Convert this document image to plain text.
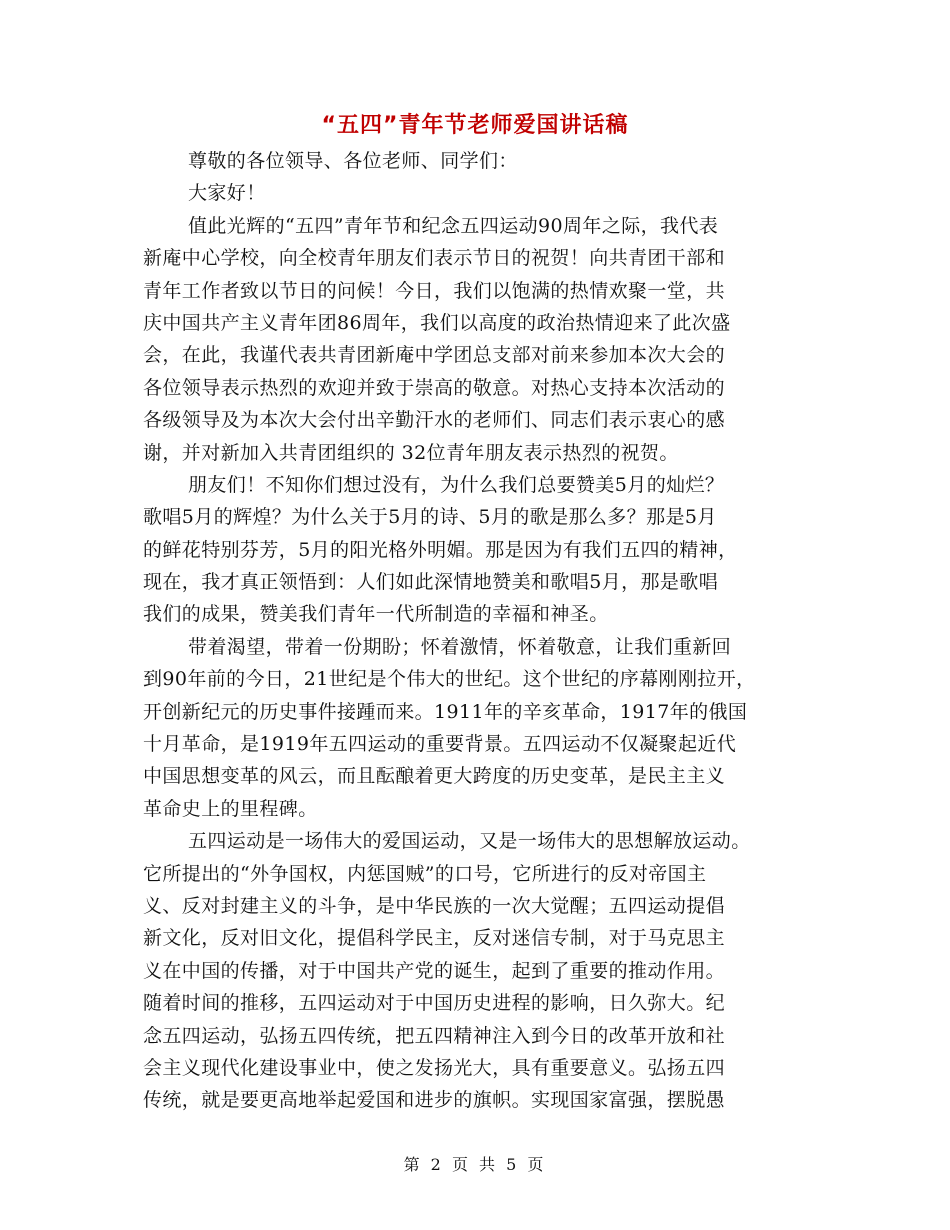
“五四”青年节老师爱国讲话稿
尊敬的各位领导、各位老师、同学们：
大家好！
值此光辉的“五四”青年节和纪念五四运动90周年之际，我代表
新庵中心学校，向全校青年朋友们表示节日的祝贺！向共青团干部和
青年工作者致以节日的问候！今日，我们以饱满的热情欢聚一堂，共
庆中国共产主义青年团86周年，我们以高度的政治热情迎来了此次盛
会，在此，我谨代表共青团新庵中学团总支部对前来参加本次大会的
各位领导表示热烈的欢迎并致于崇高的敬意。对热心支持本次活动的
各级领导及为本次大会付出辛勤汗水的老师们、同志们表示衷心的感
谢，并对新加入共青团组织的 32位青年朋友表示热烈的祝贺。
朋友们！不知你们想过没有，为什么我们总要赞美5月的灿烂？
歌唱5月的辉煌？为什么关于5月的诗、5月的歌是那么多？那是5月
的鲜花特别芬芳，5月的阳光格外明媚。那是因为有我们五四的精神，
现在，我才真正领悟到：人们如此深情地赞美和歌唱5月，那是歌唱
我们的成果，赞美我们青年一代所制造的幸福和神圣。
带着渴望，带着一份期盼；怀着激情，怀着敬意，让我们重新回
到90年前的今日，21世纪是个伟大的世纪。这个世纪的序幕刚刚拉开，
开创新纪元的历史事件接踵而来。1911年的辛亥革命，1917年的俄国
十月革命，是1919年五四运动的重要背景。五四运动不仅凝聚起近代
中国思想变革的风云，而且酝酿着更大跨度的历史变革，是民主主义
革命史上的里程碑。
五四运动是一场伟大的爱国运动，又是一场伟大的思想解放运动。
它所提出的“外争国权，内惩国贼”的口号，它所进行的反对帝国主
义、反对封建主义的斗争，是中华民族的一次大觉醒；五四运动提倡
新文化，反对旧文化，提倡科学民主，反对迷信专制，对于马克思主
义在中国的传播，对于中国共产党的诞生，起到了重要的推动作用。
随着时间的推移，五四运动对于中国历史进程的影响，日久弥大。纪
念五四运动，弘扬五四传统，把五四精神注入到今日的改革开放和社
会主义现代化建设事业中，使之发扬光大，具有重要意义。弘扬五四
传统，就是要更高地举起爱国和进步的旗帜。实现国家富强，摆脱愚
第 2 页 共 5 页
